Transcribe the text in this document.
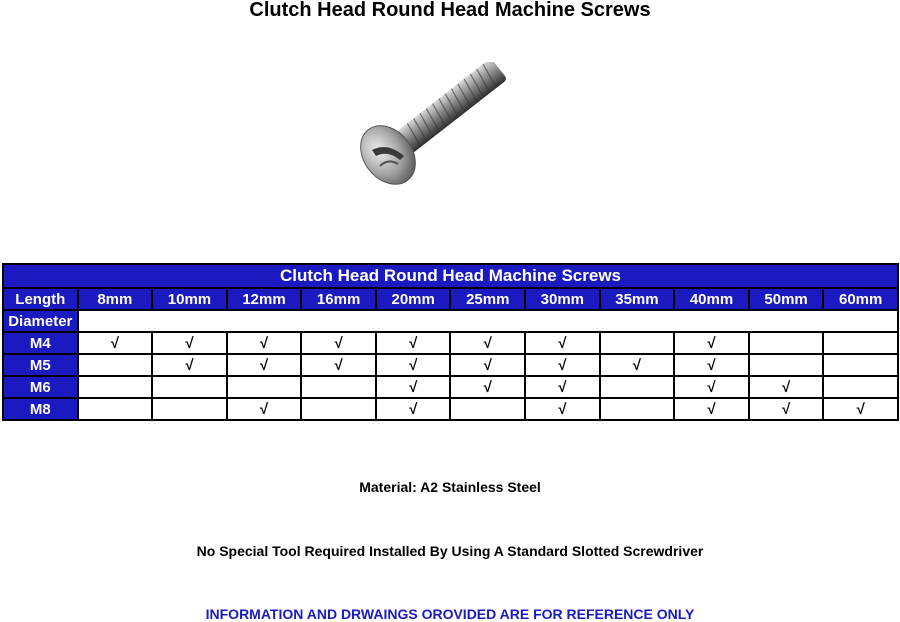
Clutch Head Round Head Machine Screws
Clutch Head Round Head Machine Screws											
Length	8mm	10mm	12mm	16mm	20mm	25mm	30mm	35mm	40mm	50mm	60mm
Diameter											
M4	√	√	√	√	√	√	√		√		
M5		√	√	√	√	√	√	√	√		
M6					√	√	√		√	√	
M8			√		√		√		√	√	√
Material: A2 Stainless Steel
No Special Tool Required Installed By Using A Standard Slotted Screwdriver
INFORMATION AND DRWAINGS OROVIDED ARE FOR REFERENCE ONLY
